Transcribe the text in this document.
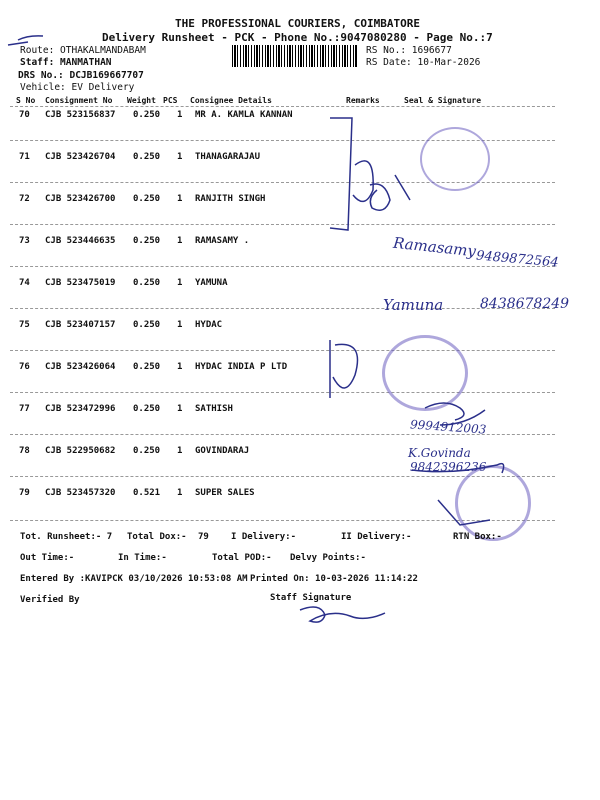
THE PROFESSIONAL COURIERS, COIMBATORE
Delivery Runsheet - PCK - Phone No.:9047080280 - Page No.:7
Route: OTHAKALMANDABAM
Staff: MANMATHAN
DRS No.: DCJB169667707
Vehicle: EV Delivery
RS No.: 1696677
RS Date: 10-Mar-2026
S No Consignment No Weight PCS Consignee Details	Remarks	Seal & Signature
70 CJB 523156837 0.250 1 MR A. KAMLA KANNAN
71 CJB 523426704 0.250 1 THANAGARAJAU
72 CJB 523426700 0.250 1 RANJITH SINGH
73 CJB 523446635 0.250 1 RAMASAMY .
74 CJB 523475019 0.250 1 YAMUNA
75 CJB 523407157 0.250 1 HYDAC
76 CJB 523426064 0.250 1 HYDAC INDIA P LTD
77 CJB 523472996 0.250 1 SATHISH
78 CJB 522950682 0.250 1 GOVINDARAJ
79 CJB 523457320 0.521 1 SUPER SALES
Ramasamy
9489872564
Yamuna	8438678249
9994912003
K.Govinda
9842396236
Tot. Runsheet:- 7 Total Dox:- 79 I Delivery:-	II Delivery:-	RTN Box:-
Out Time:-	In Time:-	Total POD:- Delvy Points:-
Entered By :KAVIPCK 03/10/2026 10:53:08 AM Printed On: 10-03-2026 11:14:22
Verified By	Staff Signature
